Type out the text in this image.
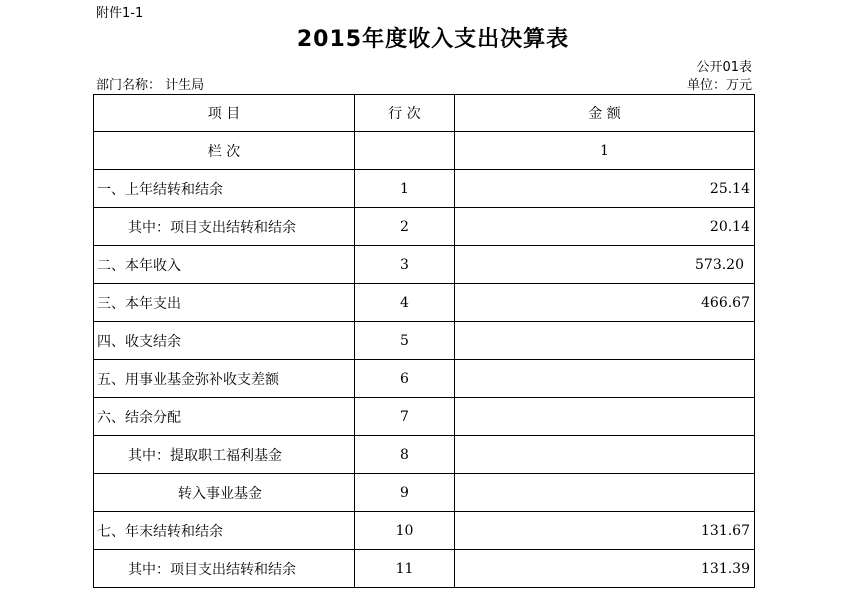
附件1-1
2015年度收入支出决算表
公开01表
部门名称： 计生局	单位：万元
项 目	行 次	金 额
栏 次		1
一、上年结转和结余	1	25.14
其中：项目支出结转和结余	2	20.14
二、本年收入	3	573.20
三、本年支出	4	466.67
四、收支结余	5	
五、用事业基金弥补收支差额	6	
六、结余分配	7	
其中：提取职工福利基金	8	
转入事业基金	9	
七、年末结转和结余	10	131.67
其中：项目支出结转和结余	11	131.39
